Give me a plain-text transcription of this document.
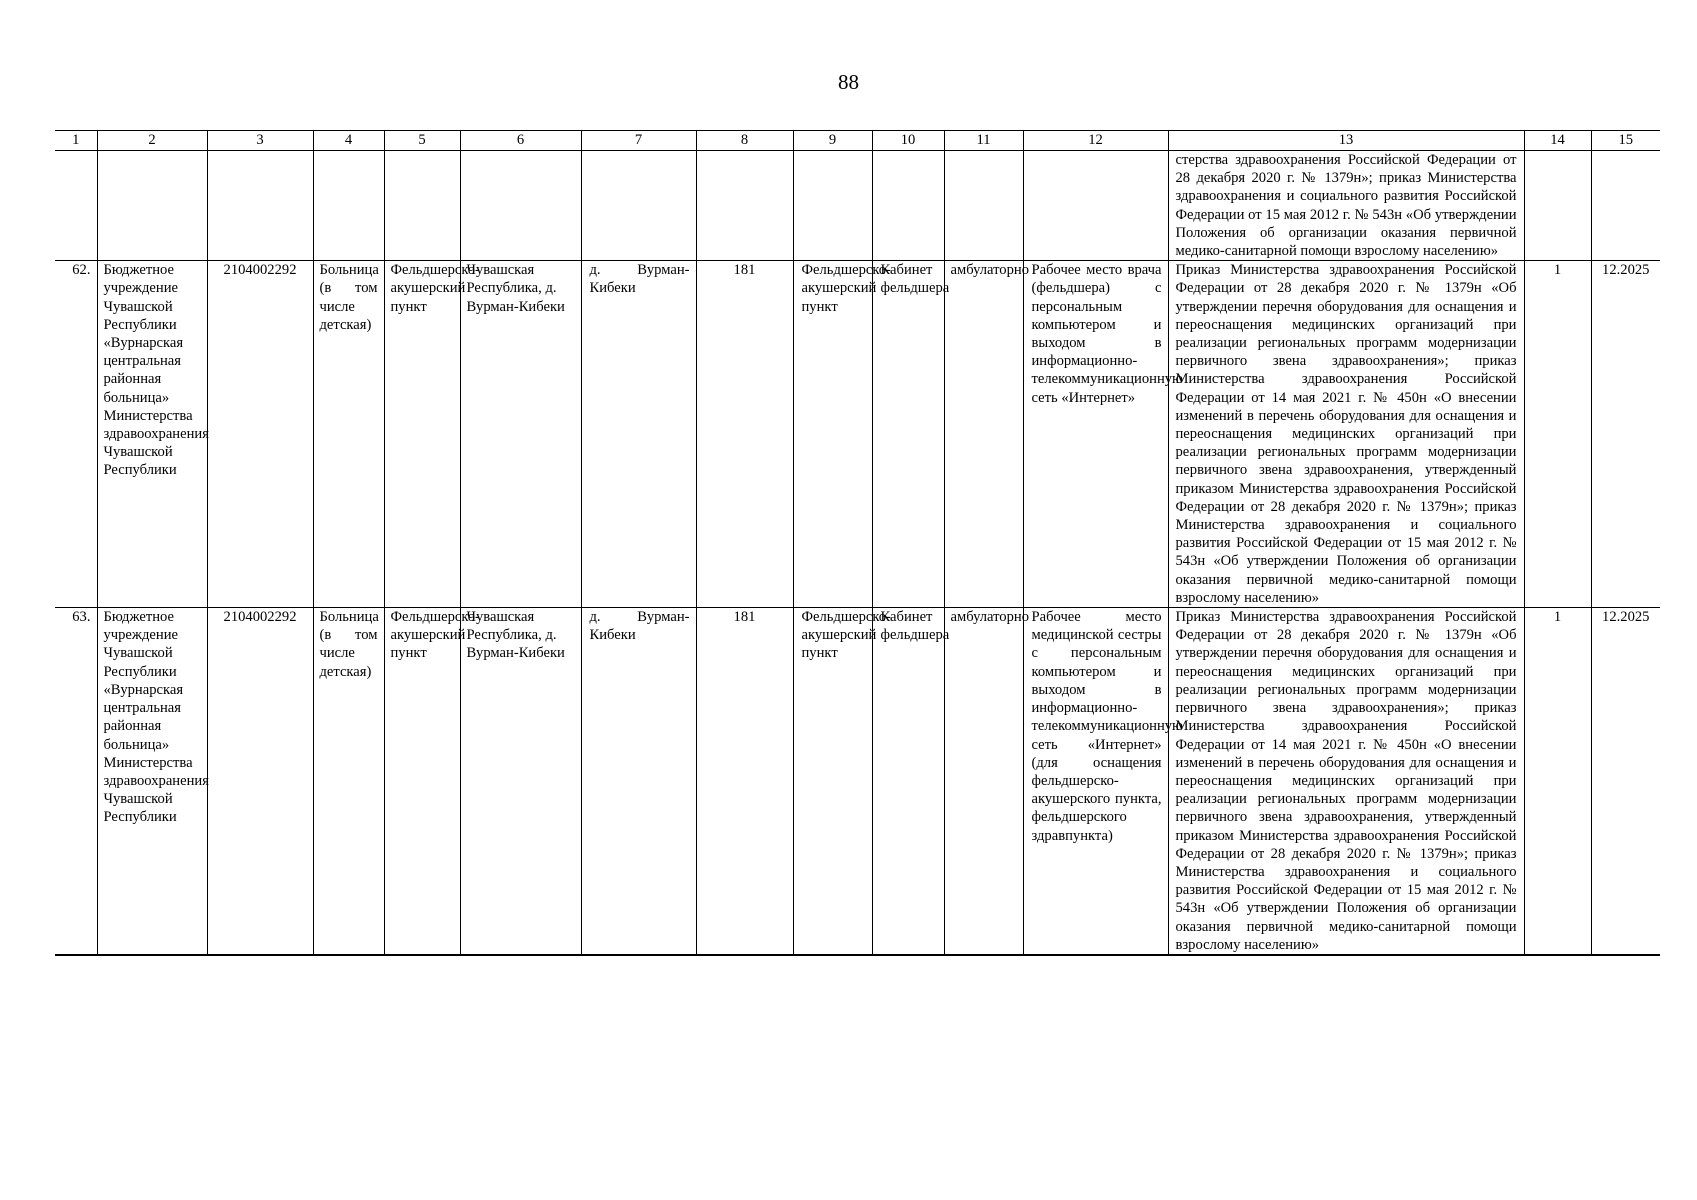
88
1	2	3	4	5	6	7	8	9	10	11	12	13	14	15
												стерства здравоохранения Российской Федерации от 28 декабря 2020 г. № 1379н»; приказ Министерства здравоохранения и социального развития Российской Федерации от 15 мая 2012 г. № 543н «Об утверждении Положения об организации оказания первичной медико-санитарной помощи взрослому населению»		
62.	Бюджетное учреждение Чувашской Республики «Вурнарская центральная районная больница» Министерства здравоохранения Чувашской Республики	2104002292	Больница (в том числе детская)	Фельдшерско-акушерский пункт	Чувашская Республика, д. Вурман-Кибеки	д. Вурман-Кибеки	181	Фельдшерско-акушерский пункт	Кабинет фельдшера	амбулаторно	Рабочее место врача (фельдшера) с персональным компьютером и выходом в информационно-телекоммуникационную сеть «Интернет»	Приказ Министерства здравоохранения Российской Федерации от 28 декабря 2020 г. № 1379н «Об утверждении перечня оборудования для оснащения и переоснащения медицинских организаций при реализации региональных программ модернизации первичного звена здравоохранения»; приказ Министерства здравоохранения Российской Федерации от 14 мая 2021 г. № 450н «О внесении изменений в перечень оборудования для оснащения и переоснащения медицинских организаций при реализации региональных программ модернизации первичного звена здравоохранения, утвержденный приказом Министерства здравоохранения Российской Федерации от 28 декабря 2020 г. № 1379н»; приказ Министерства здравоохранения и социального развития Российской Федерации от 15 мая 2012 г. № 543н «Об утверждении Положения об организации оказания первичной медико-санитарной помощи взрослому населению»	1	12.2025
63.	Бюджетное учреждение Чувашской Республики «Вурнарская центральная районная больница» Министерства здравоохранения Чувашской Республики	2104002292	Больница (в том числе детская)	Фельдшерско-акушерский пункт	Чувашская Республика, д. Вурман-Кибеки	д. Вурман-Кибеки	181	Фельдшерско-акушерский пункт	Кабинет фельдшера	амбулаторно	Рабочее место медицинской сестры с персональным компьютером и выходом в информационно-телекоммуникационную сеть «Интернет» (для оснащения фельдшерско-акушерского пункта, фельдшерского здравпункта)	Приказ Министерства здравоохранения Российской Федерации от 28 декабря 2020 г. № 1379н «Об утверждении перечня оборудования для оснащения и переоснащения медицинских организаций при реализации региональных программ модернизации первичного звена здравоохранения»; приказ Министерства здравоохранения Российской Федерации от 14 мая 2021 г. № 450н «О внесении изменений в перечень оборудования для оснащения и переоснащения медицинских организаций при реализации региональных программ модернизации первичного звена здравоохранения, утвержденный приказом Министерства здравоохранения Российской Федерации от 28 декабря 2020 г. № 1379н»; приказ Министерства здравоохранения и социального развития Российской Федерации от 15 мая 2012 г. № 543н «Об утверждении Положения об организации оказания первичной медико-санитарной помощи взрослому населению»	1	12.2025
